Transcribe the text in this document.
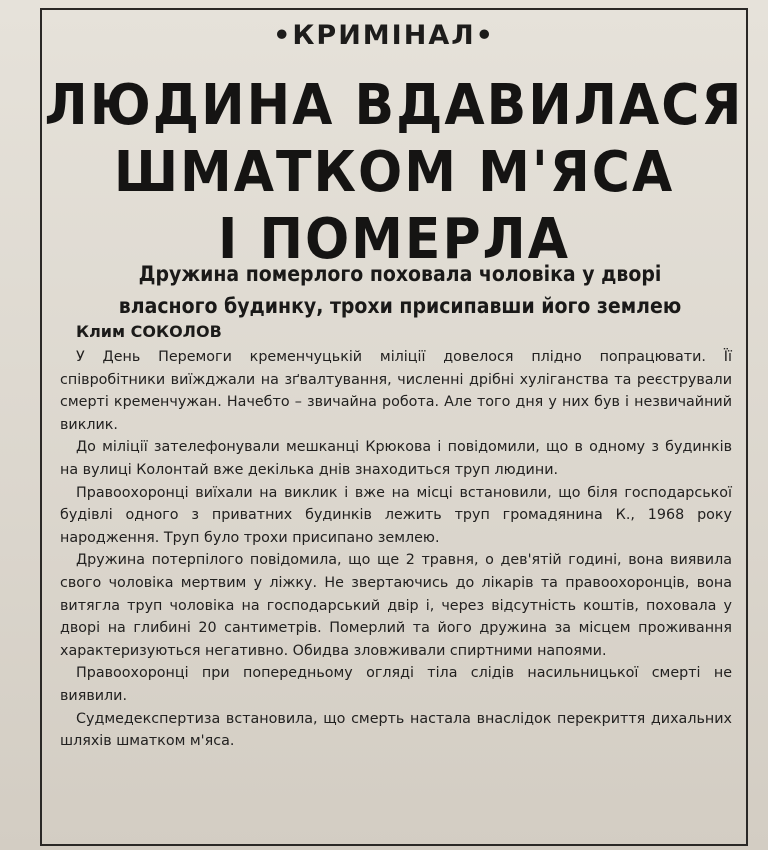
•КРИМІНАЛ•
ЛЮДИНА ВДАВИЛАСЯ
ШМАТКОМ М'ЯСА
І ПОМЕРЛА
Дружина померлого поховала чоловіка у дворі
власного будинку, трохи присипавши його землею
Клим СОКОЛОВ

У День Перемоги кременчуцькій міліції довелося плідно попрацювати. Її співробітники виїжджали на зґвалтування, численні дрібні хуліганства та реєстрували смерті кременчужан. Начебто – звичайна робота. Але того дня у них був і незвичайний виклик.

До міліції зателефонували мешканці Крюкова і повідомили, що в одному з будинків на вулиці Колонтай вже декілька днів знаходиться труп людини.

Правоохоронці виїхали на виклик і вже на місці встановили, що біля господарської будівлі одного з приватних будинків лежить труп громадянина К., 1968 року народження. Труп було трохи присипано землею.

Дружина потерпілого повідомила, що ще 2 травня, о дев'ятій годині, вона виявила свого чоловіка мертвим у ліжку. Не звертаючись до лікарів та правоохоронців, вона витягла труп чоловіка на господарський двір і, через відсутність коштів, поховала у дворі на глибині 20 сантиметрів. Померлий та його дружина за місцем проживання характеризуються негативно. Обидва зловживали спиртними напоями.

Правоохоронці при попередньому огляді тіла слідів насильницької смерті не виявили.

Судмедекспертиза встановила, що смерть настала внаслідок перекриття дихальних шляхів шматком м'яса.
